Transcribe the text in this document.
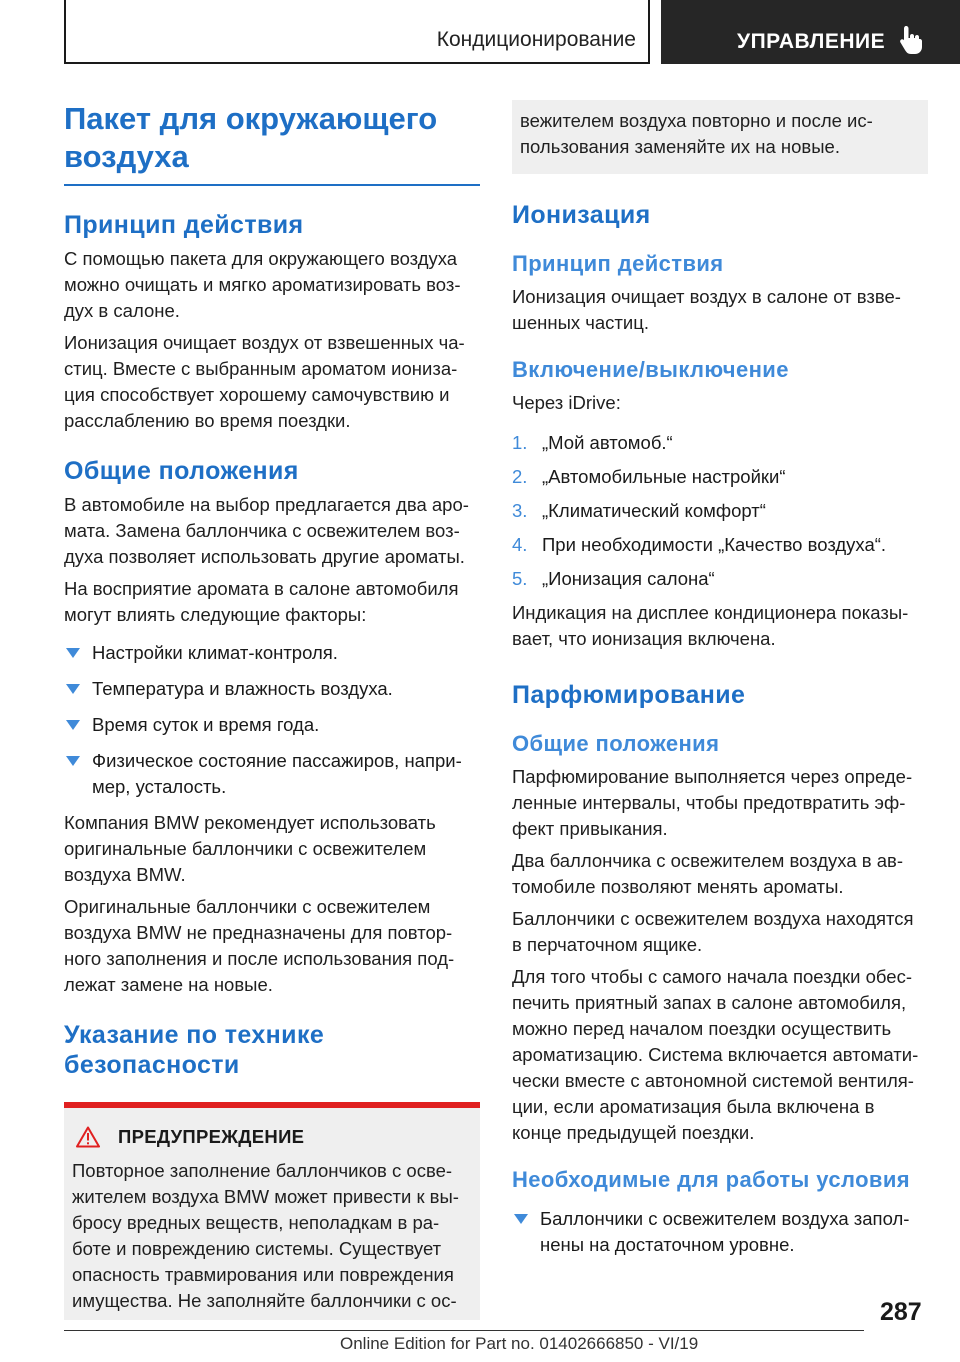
Кондиционирование	УПРАВЛЕНИЕ
Пакет для окружающего воздуха
Принцип действия
С помощью пакета для окружающего воздуха можно очищать и мягко ароматизировать воз-дух в салоне.
Ионизация очищает воздух от взвешенных ча-стиц. Вместе с выбранным ароматом иониза-ция способствует хорошему самочувствию и расслаблению во время поездки.
Общие положения
В автомобиле на выбор предлагается два аро-мата. Замена баллончика с освежителем воз-духа позволяет использовать другие ароматы.
На восприятие аромата в салоне автомобиля могут влиять следующие факторы:
Настройки климат-контроля.
Температура и влажность воздуха.
Время суток и время года.
Физическое состояние пассажиров, напри-мер, усталость.
Компания BMW рекомендует использовать оригинальные баллончики с освежителем воздуха BMW.
Оригинальные баллончики с освежителем воздуха BMW не предназначены для повтор-ного заполнения и после использования под-лежат замене на новые.
Указание по технике безопасности
ПРЕДУПРЕЖДЕНИЕ
Повторное заполнение баллончиков с осве-жителем воздуха BMW может привести к вы-бросу вредных веществ, неполадкам в ра-боте и повреждению системы. Существует опасность травмирования или повреждения имущества. Не заполняйте баллончики с ос-
вежителем воздуха повторно и после ис-пользования заменяйте их на новые.
Ионизация
Принцип действия
Ионизация очищает воздух в салоне от взве-шенных частиц.
Включение/выключение
Через iDrive:
1. „Мой автомоб.“
2. „Автомобильные настройки“
3. „Климатический комфорт“
4. При необходимости „Качество воздуха“.
5. „Ионизация салона“
Индикация на дисплее кондиционера показы-вает, что ионизация включена.
Парфюмирование
Общие положения
Парфюмирование выполняется через опреде-ленные интервалы, чтобы предотвратить эф-фект привыкания.
Два баллончика с освежителем воздуха в ав-томобиле позволяют менять ароматы.
Баллончики с освежителем воздуха находятся в перчаточном ящике.
Для того чтобы с самого начала поездки обес-печить приятный запах в салоне автомобиля, можно перед началом поездки осуществить ароматизацию. Система включается автомати-чески вместе с автономной системой вентиля-ции, если ароматизация была включена в конце предыдущей поездки.
Необходимые для работы условия
Баллончики с освежителем воздуха запол-нены на достаточном уровне.
287
Online Edition for Part no. 01402666850 - VI/19
